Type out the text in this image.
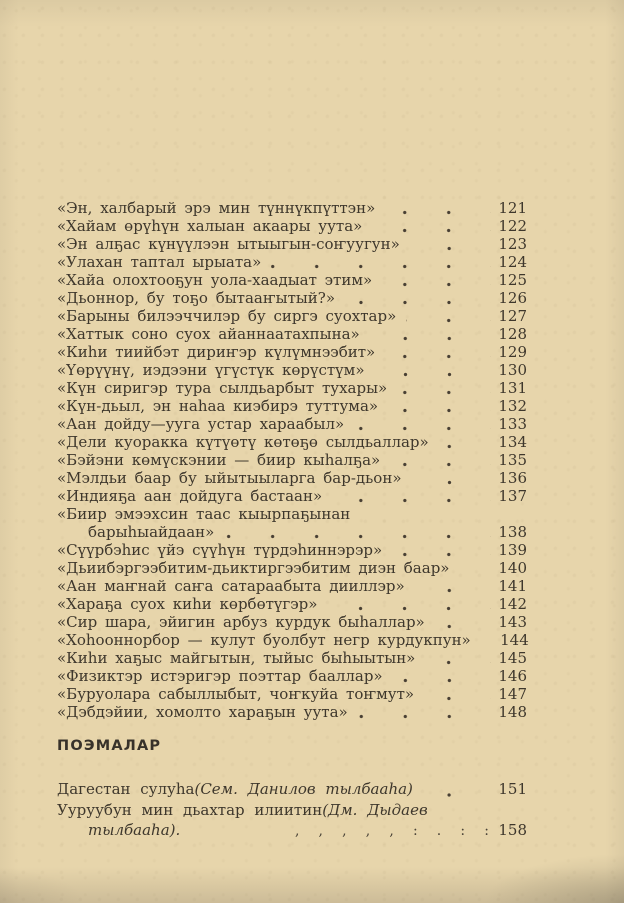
«Эн, халбарый эрэ мин түннүкпүттэн»	121
«Хайам өрүһүн халыан акаары уута»	122
«Эн алҕас күнүүлээн ытыыгын-соҥуугун»	123
«Улахан таптал ырыата»	124
«Хайа олохтооҕун уола-хаадыат этим»	125
«Дьоннор, бу тоҕо бытааҥытый?»	126
«Барыны билээччилэр бу сиргэ суохтар»	127
«Хаттык соно суох айаннаатахпына»	128
«Киһи тиийбэт дириҥэр күлүмнээбит»	129
«Үөрүүнү, иэдээни үгүстүк көрүстүм»	130
«Күн сиригэр тура сылдьарбыт тухары»	131
«Күн-дьыл, эн наһаа киэбирэ туттума»	132
«Аан дойду—ууга устар хараабыл»	133
«Дели куоракка күтүөтү көтөҕө сылдьаллар»	134
«Бэйэни көмүскэнии — биир кыһалҕа»	135
«Мэлдьи баар бу ыйытыыларга бар-дьон»	136
«Индияҕа аан дойдуга бастаан»	137
«Биир эмээхсин таас кыырпаҕынан
барыһыайдаан»	138
«Сүүрбэһис үйэ сүүһүн түрдэһиннэрэр»	139
«Дьиибэргээбитим-дьиктиргээбитим диэн баар»	140
«Аан маҥнай саҥа сатараабыта дииллэр»	141
«Хараҕа суох киһи көрбөтүгэр»	142
«Сир шара, эйигин арбуз курдук быһаллар»	143
«Хоһооннорбор — кулут буолбут негр курдукпун» 144
«Киһи хаҕыс майгытын, тыйыс быһыытын»	145
«Физиктэр истэригэр поэттар бааллар»	146
«Буруолара сабыллыбыт, чоҥкуйа тоҥмут»	147
«Дэбдэйии, хомолто хараҕын уута»	148
ПОЭМАЛАР
Дагестан сулуһа (Сем. Данилов тылбааһа)	151
Ууруубун мин дьахтар илиитин (Дм. Дыдаев
тылбааһа).	, , , , , : . : : 158
